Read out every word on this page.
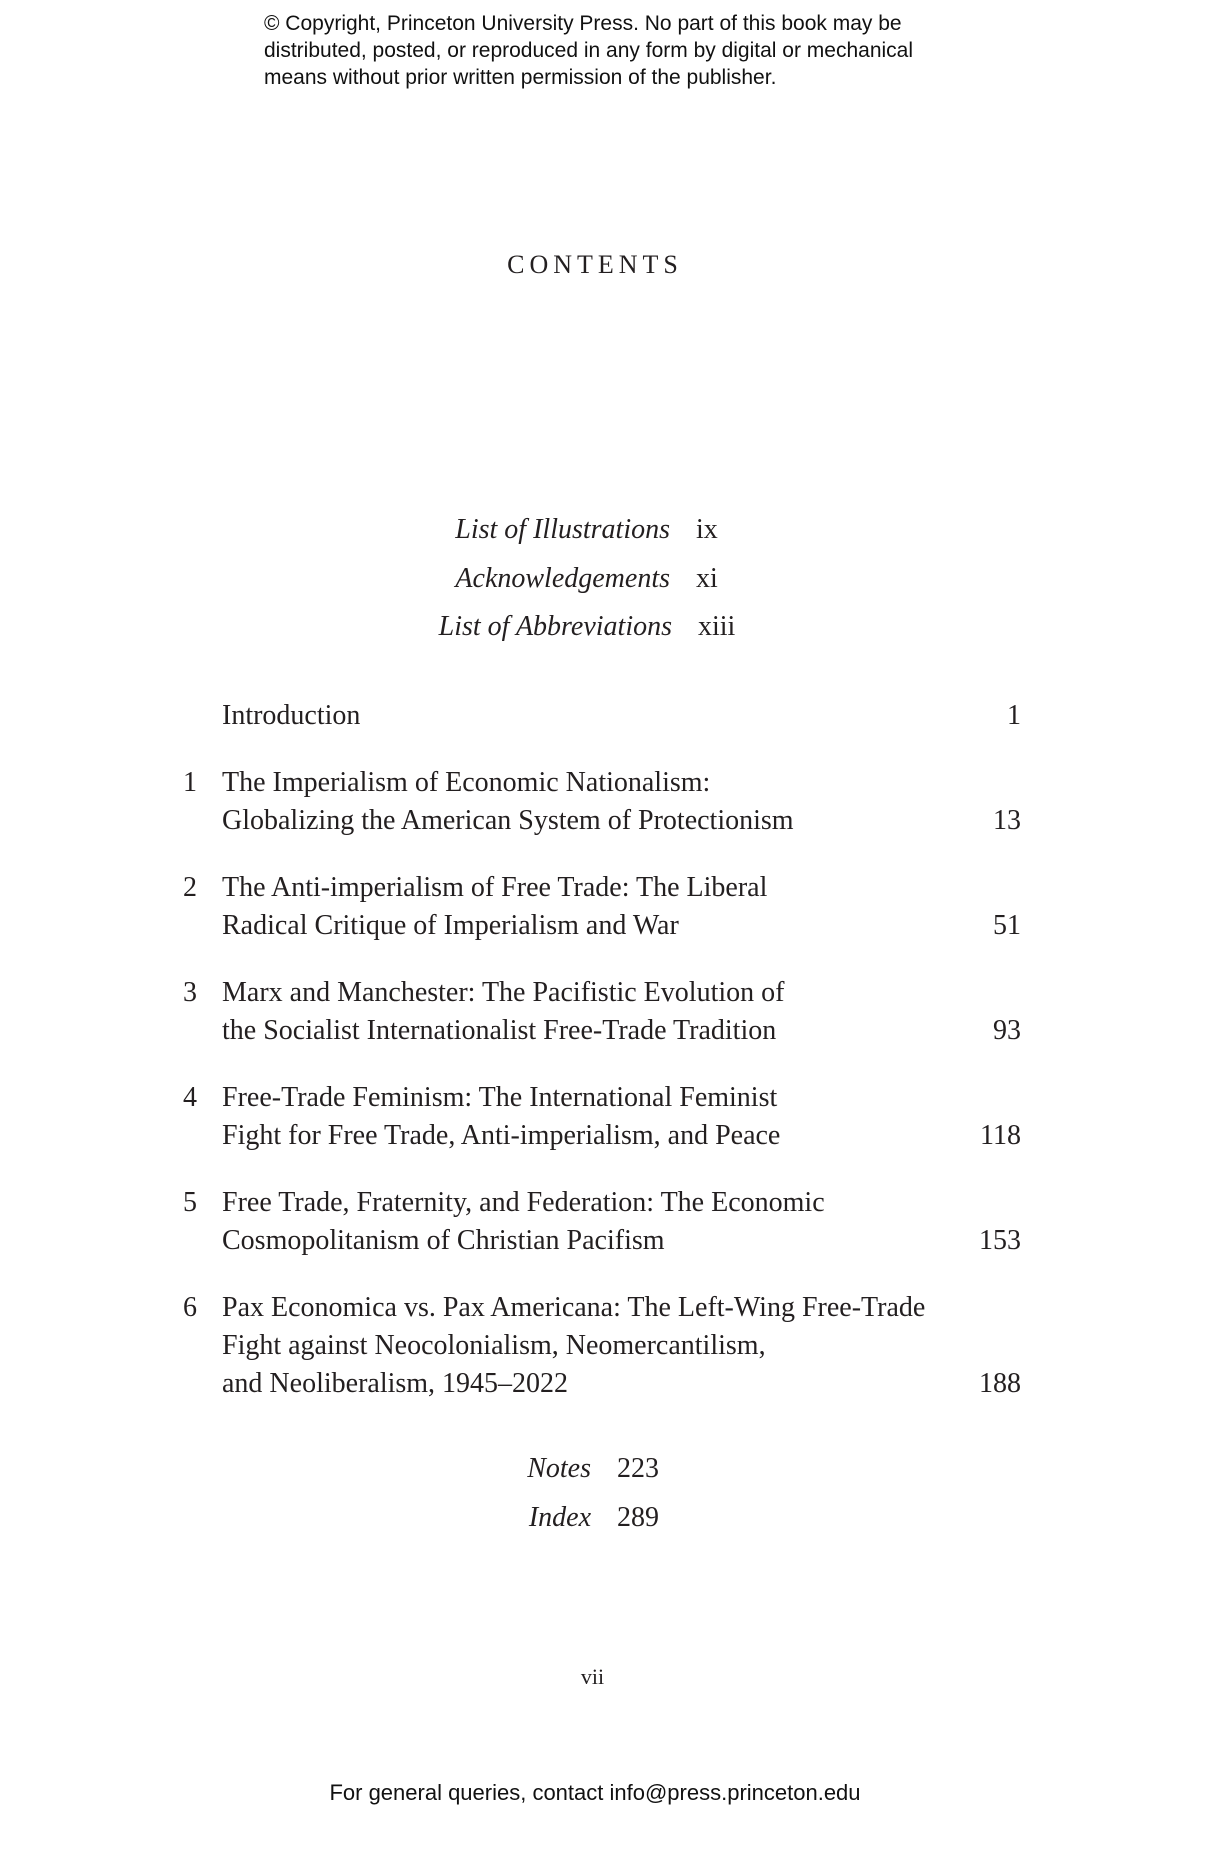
© Copyright, Princeton University Press. No part of this book may be
distributed, posted, or reproduced in any form by digital or mechanical
means without prior written permission of the publisher.
CONTENTS
List of Illustrations ix
Acknowledgements xi
List of Abbreviations xiii
Introduction	1
1 The Imperialism of Economic Nationalism:
Globalizing the American System of Protectionism	13
2 The Anti-imperialism of Free Trade: The Liberal
Radical Critique of Imperialism and War	51
3 Marx and Manchester: The Pacifistic Evolution of
the Socialist Internationalist Free-Trade Tradition	93
4 Free-Trade Feminism: The International Feminist
Fight for Free Trade, Anti-imperialism, and Peace	118
5 Free Trade, Fraternity, and Federation: The Economic
Cosmopolitanism of Christian Pacifism	153
6 Pax Economica vs. Pax Americana: The Left-Wing Free-Trade
Fight against Neocolonialism, Neomercantilism,
and Neoliberalism, 1945–2022	188
Notes 223
Index 289
vii
For general queries, contact info@press.princeton.edu
